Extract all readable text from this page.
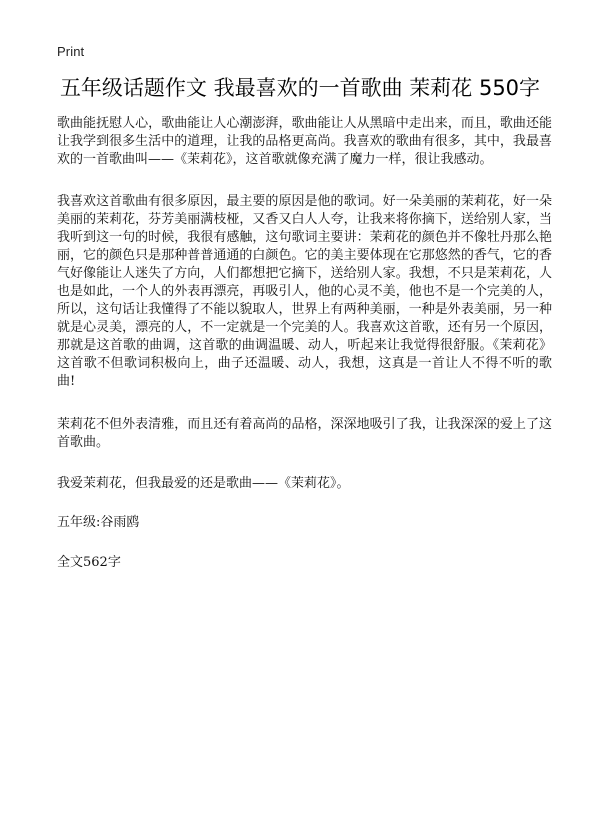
Print
五年级话题作文 我最喜欢的一首歌曲 茉莉花 550字

歌曲能抚慰人心，歌曲能让人心潮澎湃，歌曲能让人从黑暗中走出来，而且，歌曲还能让我学到很多生活中的道理，让我的品格更高尚。我喜欢的歌曲有很多，其中，我最喜欢的一首歌曲叫——《茉莉花》，这首歌就像充满了魔力一样，很让我感动。

我喜欢这首歌曲有很多原因，最主要的原因是他的歌词。好一朵美丽的茉莉花，好一朵美丽的茉莉花，芬芳美丽满枝桠，又香又白人人夸，让我来将你摘下，送给别人家，当我听到这一句的时候，我很有感触，这句歌词主要讲：茉莉花的颜色并不像牡丹那么艳丽，它的颜色只是那种普普通通的白颜色。它的美主要体现在它那悠然的香气，它的香气好像能让人迷失了方向，人们都想把它摘下，送给别人家。我想，不只是茉莉花，人也是如此，一个人的外表再漂亮，再吸引人，他的心灵不美，他也不是一个完美的人，所以，这句话让我懂得了不能以貌取人，世界上有两种美丽，一种是外表美丽，另一种就是心灵美，漂亮的人，不一定就是一个完美的人。我喜欢这首歌，还有另一个原因，那就是这首歌的曲调，这首歌的曲调温暖、动人，听起来让我觉得很舒服。《茉莉花》这首歌不但歌词积极向上，曲子还温暖、动人，我想，这真是一首让人不得不听的歌曲!

茉莉花不但外表清雅，而且还有着高尚的品格，深深地吸引了我，让我深深的爱上了这首歌曲。

我爱茉莉花，但我最爱的还是歌曲——《茉莉花》。

五年级:谷雨鸥

全文562字
